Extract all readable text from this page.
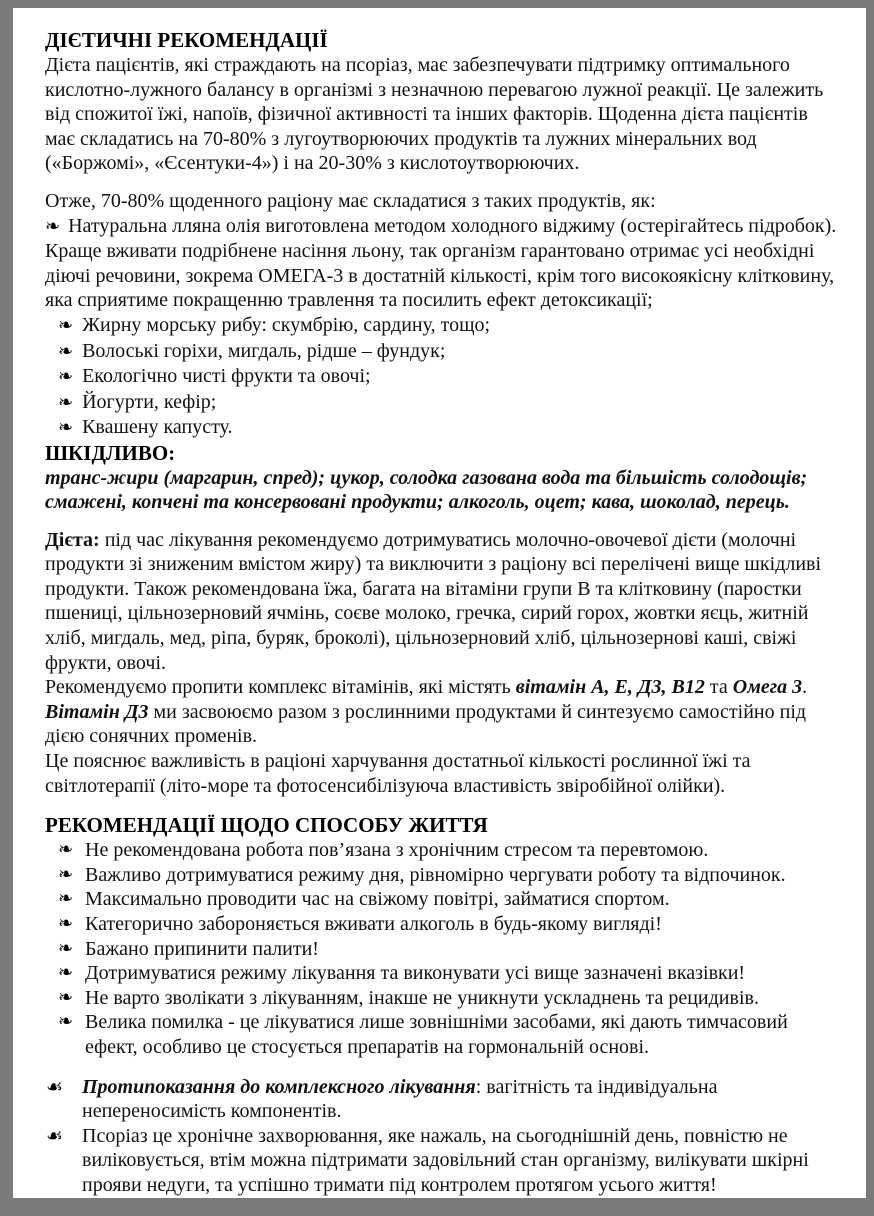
ДІЄТИЧНІ РЕКОМЕНДАЦІЇ

Дієта пацієнтів, які страждають на псоріаз, має забезпечувати підтримку оптимального кислотно-лужного балансу в організмі з незначною перевагою лужної реакції. Це залежить від спожитої їжі, напоїв, фізичної активності та інших факторів. Щоденна дієта пацієнтів має складатись на 70-80% з лугоутворюючих продуктів та лужних мінеральних вод («Боржомі», «Єсентуки-4») і на 20-30% з кислотоутворюючих.

Отже, 70-80% щоденного раціону має складатися з таких продуктів, як:

❧ Натуральна лляна олія виготовлена методом холодного віджиму (остерігайтесь підробок). Краще вживати подрібнене насіння льону, так організм гарантовано отримає усі необхідні діючі речовини, зокрема ОМЕГА-3 в достатній кількості, крім того високоякісну клітковину, яка сприятиме покращенню травлення та посилить ефект детоксикації;

❧ Жирну морську рибу: скумбрію, сардину, тощо;
❧ Волоські горіхи, мигдаль, рідше – фундук;
❧ Екологічно чисті фрукти та овочі;
❧ Йогурти, кефір;
❧ Квашену капусту.
ШКІДЛИВО:

транс-жири (маргарин, спред); цукор, солодка газована вода та більшість солодощів; смажені, копчені та консервовані продукти; алкоголь, оцет; кава, шоколад, перець.

Дієта: під час лікування рекомендуємо дотримуватись молочно-овочевої дієти (молочні продукти зі зниженим вмістом жиру) та виключити з раціону всі перелічені вище шкідливі продукти. Також рекомендована їжа, багата на вітаміни групи В та клітковину (паростки пшениці, цільнозерновий ячмінь, соєве молоко, гречка, сирий горох, жовтки яєць, житній хліб, мигдаль, мед, ріпа, буряк, броколі), цільнозерновий хліб, цільнозернові каші, свіжі фрукти, овочі.

Рекомендуємо пропити комплекс вітамінів, які містять вітамін А, Е, Д3, В12 та Омега 3. Вітамін Д3 ми засвоюємо разом з рослинними продуктами й синтезуємо самостійно під дією сонячних променів.

Це пояснює важливість в раціоні харчування достатньої кількості рослинної їжі та світлотерапії (літо-море та фотосенсибілізуюча властивість звіробійної олійки).

РЕКОМЕНДАЦІЇ ЩОДО СПОСОБУ ЖИТТЯ
❧ Не рекомендована робота пов’язана з хронічним стресом та перевтомою.
❧ Важливо дотримуватися режиму дня, рівномірно чергувати роботу та відпочинок.
❧ Максимально проводити час на свіжому повітрі, займатися спортом.
❧ Категорично забороняється вживати алкоголь в будь-якому вигляді!
❧ Бажано припинити палити!
❧ Дотримуватися режиму лікування та виконувати усі вище зазначені вказівки!
❧ Не варто зволікати з лікуванням, інакше не уникнути ускладнень та рецидивів.
❧ Велика помилка - це лікуватися лише зовнішніми засобами, які дають тимчасовий ефект, особливо це стосується препаратів на гормональній основі.
☙ Протипоказання до комплексного лікування: вагітність та індивідуальна непереносимість компонентів.
☙ Псоріаз це хронічне захворювання, яке нажаль, на сьогоднішній день, повністю не виліковується, втім можна підтримати задовільний стан організму, вилікувати шкірні прояви недуги, та успішно тримати під контролем протягом усього життя!
